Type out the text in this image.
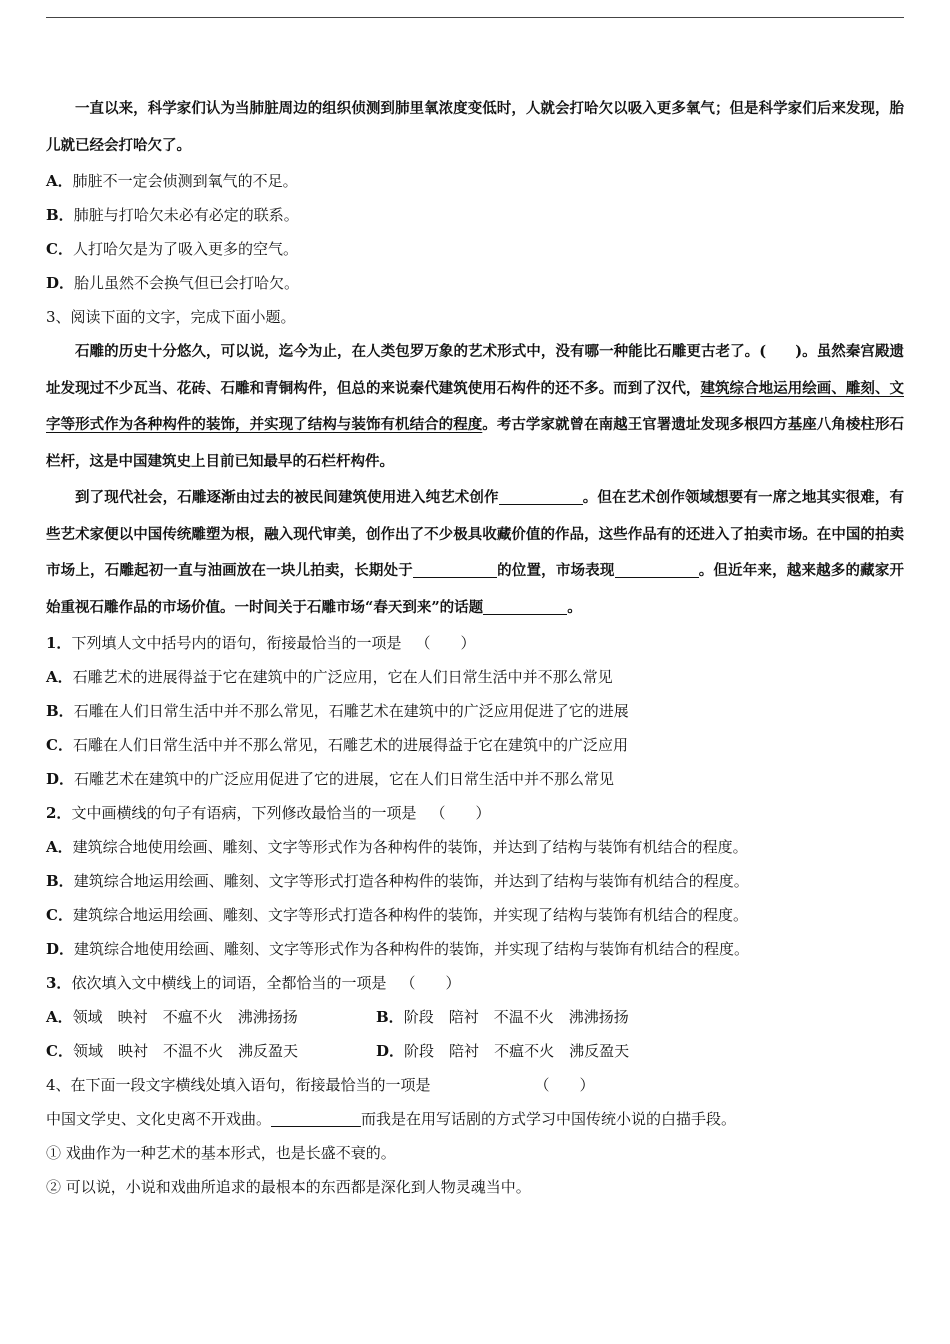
一直以来，科学家们认为当肺脏周边的组织侦测到肺里氧浓度变低时，人就会打哈欠以吸入更多氧气；但是科学家们后来发现，胎儿就已经会打哈欠了。

A．肺脏不一定会侦测到氧气的不足。

B．肺脏与打哈欠未必有必定的联系。

C．人打哈欠是为了吸入更多的空气。

D．胎儿虽然不会换气但已会打哈欠。

3、阅读下面的文字，完成下面小题。

石雕的历史十分悠久，可以说，迄今为止，在人类包罗万象的艺术形式中，没有哪一种能比石雕更古老了。(　　)。虽然秦宫殿遗址发现过不少瓦当、花砖、石雕和青铜构件，但总的来说秦代建筑使用石构件的还不多。而到了汉代，建筑综合地运用绘画、雕刻、文字等形式作为各种构件的装饰，并实现了结构与装饰有机结合的程度。考古学家就曾在南越王官署遗址发现多根四方基座八角棱柱形石栏杆，这是中国建筑史上目前已知最早的石栏杆构件。

到了现代社会，石雕逐渐由过去的被民间建筑使用进入纯艺术创作	。但在艺术创作领域想要有一席之地其实很难，有些艺术家便以中国传统雕塑为根，融入现代审美，创作出了不少极具收藏价值的作品，这些作品有的还进入了拍卖市场。在中国的拍卖市场上，石雕起初一直与油画放在一块儿拍卖，长期处于	的位置，市场表现	。但近年来，越来越多的藏家开始重视石雕作品的市场价值。一时间关于石雕市场“春天到来”的话题	。

1．下列填人文中括号内的语句，衔接最恰当的一项是 （　　）

A．石雕艺术的进展得益于它在建筑中的广泛应用，它在人们日常生活中并不那么常见

B．石雕在人们日常生活中并不那么常见，石雕艺术在建筑中的广泛应用促进了它的进展

C．石雕在人们日常生活中并不那么常见，石雕艺术的进展得益于它在建筑中的广泛应用

D．石雕艺术在建筑中的广泛应用促进了它的进展，它在人们日常生活中并不那么常见

2．文中画横线的句子有语病，下列修改最恰当的一项是 （　　）

A．建筑综合地使用绘画、雕刻、文字等形式作为各种构件的装饰，并达到了结构与装饰有机结合的程度。

B．建筑综合地运用绘画、雕刻、文字等形式打造各种构件的装饰，并达到了结构与装饰有机结合的程度。

C．建筑综合地运用绘画、雕刻、文字等形式打造各种构件的装饰，并实现了结构与装饰有机结合的程度。

D．建筑综合地使用绘画、雕刻、文字等形式作为各种构件的装饰，并实现了结构与装饰有机结合的程度。

3．依次填入文中横线上的词语，全都恰当的一项是 （　　）

A．领域　 映衬　 不瘟不火　 沸沸扬扬	B．阶段　 陪衬　 不温不火　 沸沸扬扬

C．领域　 映衬　 不温不火　 沸反盈天	D．阶段　 陪衬　 不瘟不火　 沸反盈天

4、在下面一段文字横线处填入语句，衔接最恰当的一项是	（　　）

中国文学史、文化史离不开戏曲。	而我是在用写话剧的方式学习中国传统小说的白描手段。

① 戏曲作为一种艺术的基本形式，也是长盛不衰的。

② 可以说，小说和戏曲所追求的最根本的东西都是深化到人物灵魂当中。
